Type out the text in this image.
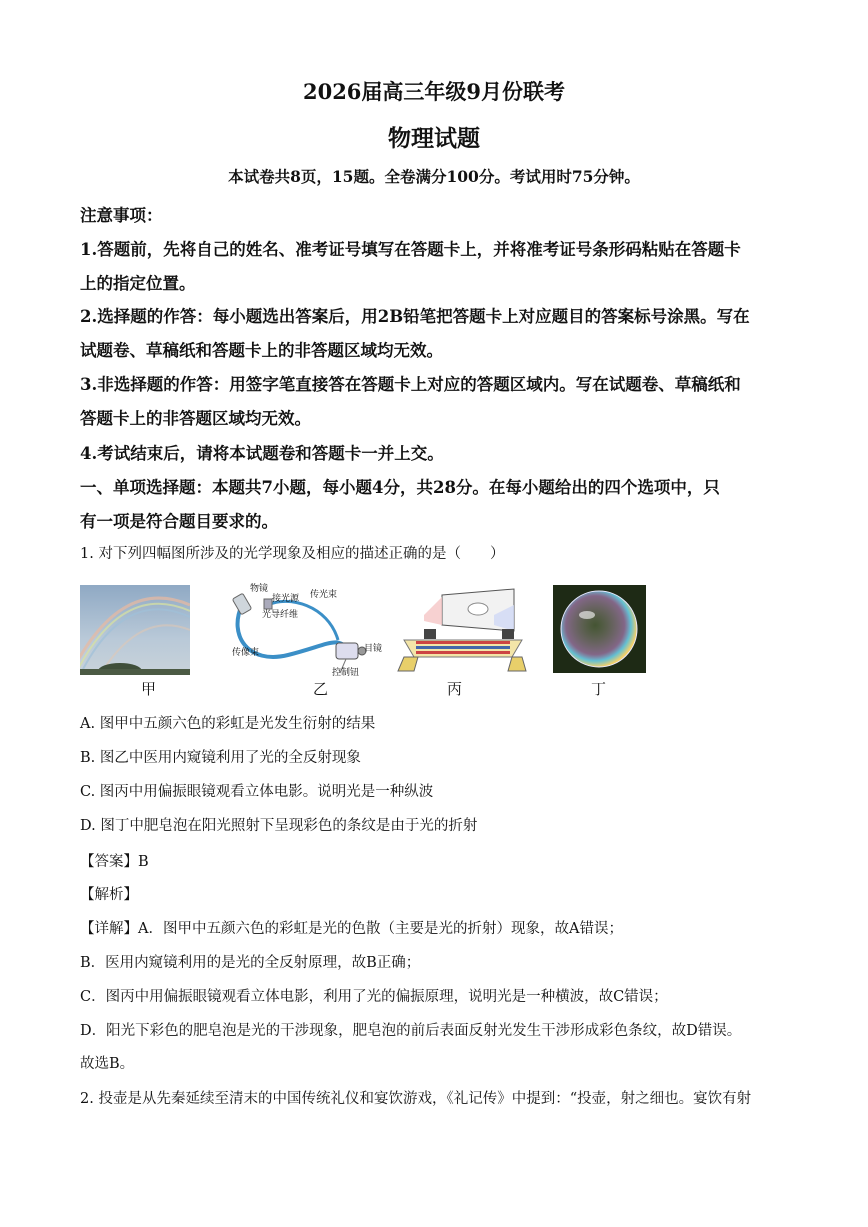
2026届高三年级9月份联考
物理试题
本试卷共8页，15题。全卷满分100分。考试用时75分钟。
注意事项：
1.答题前，先将自己的姓名、准考证号填写在答题卡上，并将准考证号条形码粘贴在答题卡
上的指定位置。
2.选择题的作答：每小题选出答案后，用2B铅笔把答题卡上对应题目的答案标号涂黑。写在
试题卷、草稿纸和答题卡上的非答题区域均无效。
3.非选择题的作答：用签字笔直接答在答题卡上对应的答题区域内。写在试题卷、草稿纸和
答题卡上的非答题区域均无效。
4.考试结束后，请将本试题卷和答题卡一并上交。
一、单项选择题：本题共7小题，每小题4分，共28分。在每小题给出的四个选项中，只
有一项是符合题目要求的。
1. 对下列四幅图所涉及的光学现象及相应的描述正确的是（　　）
物镜
接光源 传光束
光导纤维
目镜
传像束
控制钮
甲	乙	丙	丁
A. 图甲中五颜六色的彩虹是光发生衍射的结果
B. 图乙中医用内窥镜利用了光的全反射现象
C. 图丙中用偏振眼镜观看立体电影。说明光是一种纵波
D. 图丁中肥皂泡在阳光照射下呈现彩色的条纹是由于光的折射
【答案】B
【解析】
【详解】A．图甲中五颜六色的彩虹是光的色散（主要是光的折射）现象，故A错误；
B．医用内窥镜利用的是光的全反射原理，故B正确；
C．图丙中用偏振眼镜观看立体电影，利用了光的偏振原理，说明光是一种横波，故C错误；
D．阳光下彩色的肥皂泡是光的干涉现象，肥皂泡的前后表面反射光发生干涉形成彩色条纹，故D错误。
故选B。
2. 投壶是从先秦延续至清末的中国传统礼仪和宴饮游戏，《礼记传》中提到：“投壶，射之细也。宴饮有射
